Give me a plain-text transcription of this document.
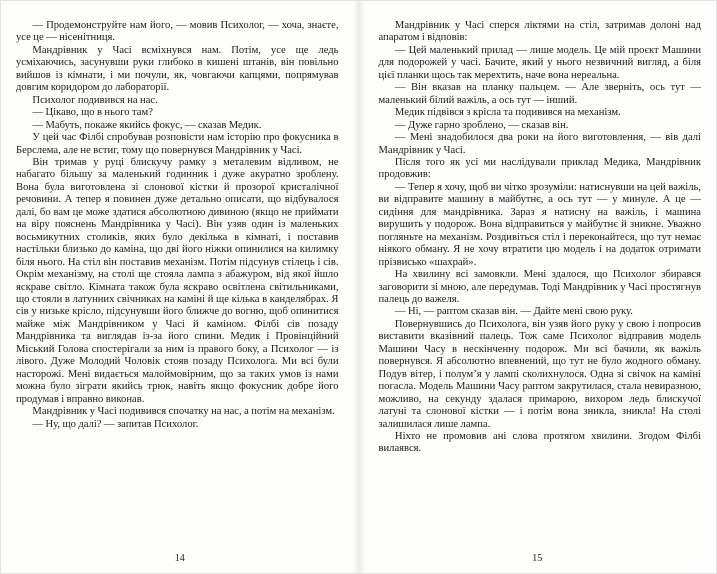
— Продемонструйте нам його, — мовив Психолог, — хоча, знаєте, усе це — нісенітниця.

Мандрівник у Часі всміхнувся нам. Потім, усе ще ледь усміхаючись, засунувши руки глибоко в кишені штанів, він повільно вийшов із кімнати, і ми почули, як, човгаючи капцями, попрямував довгим коридором до лабораторії.

Психолог подивився на нас.

— Цікаво, що в нього там?

— Мабуть, покаже якийсь фокус, — сказав Медик.

У цей час Філбі спробував розповісти нам історію про фокусника в Берслема, але не встиг, тому що повернувся Мандрівник у Часі.

Він тримав у руці блискучу рамку з металевим відливом, не набагато більшу за маленький годинник і дуже акуратно зроблену. Вона була виготовлена зі слонової кістки й прозорої кристалічної речовини. А тепер я повинен дуже детально описати, що відбувалося далі, бо вам це може здатися абсолютною дивиною (якщо не приймати на віру пояснень Мандрівника у Часі). Він узяв один із маленьких восьмикутних столиків, яких було декілька в кімнаті, і поставив настільки близько до каміна, що дві його ніжки опинилися на килимку біля нього. На стіл він поставив механізм. Потім підсунув стілець і сів. Окрім механізму, на столі ще стояла лампа з абажуром, від якої йшло яскраве світло. Кімната також була яскраво освітлена світильниками, що стояли в латунних свічниках на каміні й ще кілька в канделябрах. Я сів у низьке крісло, підсунувши його ближче до вогню, щоб опинитися майже між Мандрівником у Часі й каміном. Філбі сів позаду Мандрівника та виглядав із-за його спини. Медик і Провінційний Міський Голова спостерігали за ним із правого боку, а Психолог — із лівого. Дуже Молодий Чоловік стояв позаду Психолога. Ми всі були насторожі. Мені видається малоймовірним, що за таких умов із нами можна було зіграти якийсь трюк, навіть якщо фокусник добре його продумав і вправно виконав.

Мандрівник у Часі подивився спочатку на нас, а потім на механізм.

— Ну, що далі? — запитав Психолог.

14

Мандрівник у Часі сперся ліктями на стіл, затримав долоні над апаратом і відповів:

— Цей маленький прилад — лише модель. Це мій проєкт Машини для подорожей у часі. Бачите, який у нього незвичний вигляд, а біля цієї планки щось так мерехтить, наче вона нереальна.

— Він вказав на планку пальцем. — Але зверніть, ось тут — маленький білий важіль, а ось тут — інший.

Медик підвівся з крісла та подивився на механізм.

— Дуже гарно зроблено, — сказав він.

— Мені знадобилося два роки на його виготовлення, — вів далі Мандрівник у Часі.

Після того як усі ми наслідували приклад Медика, Мандрівник продовжив:

— Тепер я хочу, щоб ви чітко зрозуміли: натиснувши на цей важіль, ви відправите машину в майбутнє, а ось тут — у минуле. А це — сидіння для мандрівника. Зараз я натисну на важіль, і машина вирушить у подорож. Вона відправиться у майбутнє й зникне. Уважно погляньте на механізм. Роздивіться стіл і переконайтеся, що тут немає ніякого обману. Я не хочу втратити цю модель і на додаток отримати прізвисько «шахрай».

На хвилину всі замовкли. Мені здалося, що Психолог збирався заговорити зі мною, але передумав. Тоді Мандрівник у Часі простягнув палець до важеля.

— Ні, — раптом сказав він. — Дайте мені свою руку.

Повернувшись до Психолога, він узяв його руку у свою і попросив виставити вказівний палець. Тож саме Психолог відправив модель Машини Часу в нескінченну подорож. Ми всі бачили, як важіль повернувся. Я абсолютно впевнений, що тут не було жодного обману. Подув вітер, і полум’я у лампі сколихнулося. Одна зі свічок на каміні погасла. Модель Машини Часу раптом закрутилася, стала невиразною, можливо, на секунду здалася примарою, вихором ледь блискучої латуні та слонової кістки — і потім вона зникла, зникла! На столі залишилася лише лампа.

Ніхто не промовив ані слова протягом хвилини. Згодом Філбі вилаявся.

15
